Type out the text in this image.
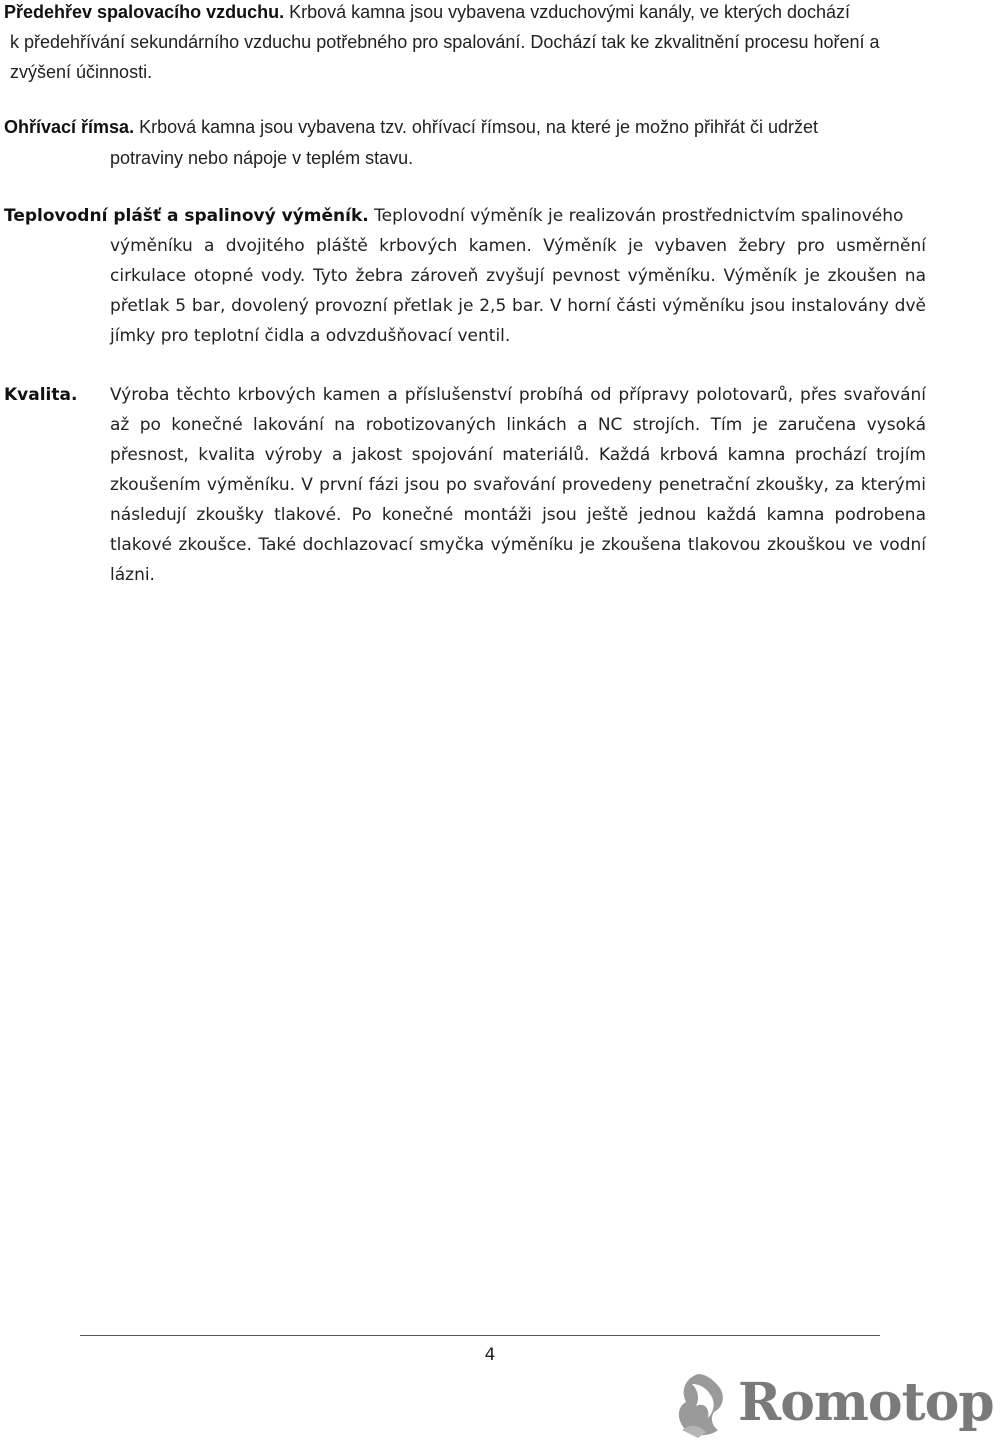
Předehřev spalovacího vzduchu. Krbová kamna jsou vybavena vzduchovými kanály, ve kterých dochází
k předehřívání sekundárního vzduchu potřebného pro spalování. Dochází tak ke zkvalitnění procesu hoření a zvýšení účinnosti.

Ohřívací římsa. Krbová kamna jsou vybavena tzv. ohřívací římsou, na které je možno přihřát či udržet
potraviny nebo nápoje v teplém stavu.

Teplovodní plášť a spalinový výměník. Teplovodní výměník je realizován prostřednictvím spalinového
výměníku a dvojitého pláště krbových kamen. Výměník je vybaven žebry pro usměrnění cirkulace otopné vody. Tyto žebra zároveň zvyšují pevnost výměníku. Výměník je zkoušen na přetlak 5 bar, dovolený provozní přetlak je 2,5 bar. V horní části výměníku jsou instalovány dvě jímky pro teplotní čidla a odvzdušňovací ventil.

Kvalita. Výroba těchto krbových kamen a příslušenství probíhá od přípravy polotovarů, přes svařování až po konečné lakování na robotizovaných linkách a NC strojích. Tím je zaručena vysoká přesnost, kvalita výroby a jakost spojování materiálů. Každá krbová kamna prochází trojím zkoušením výměníku. V první fázi jsou po svařování provedeny penetrační zkoušky, za kterými následují zkoušky tlakové. Po konečné montáži jsou ještě jednou každá kamna podrobena tlakové zkoušce. Také dochlazovací smyčka výměníku je zkoušena tlakovou zkouškou ve vodní lázni.

4
Romotop
